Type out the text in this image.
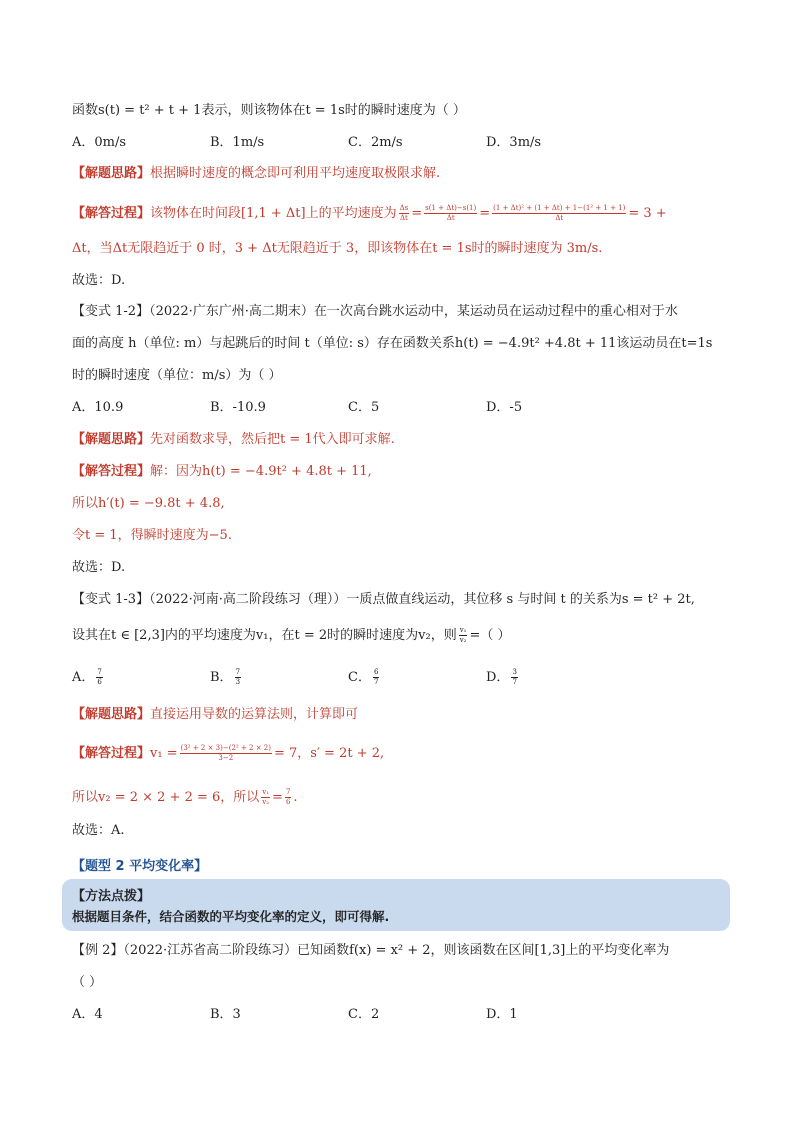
函数s(t) = t² + t + 1表示，则该物体在t = 1s时的瞬时速度为（ ）
A．0m/s	B．1m/s	C．2m/s	D．3m/s
【解题思路】根据瞬时速度的概念即可利用平均速度取极限求解.
【解答过程】该物体在时间段[1,1 + Δt]上的平均速度为 $\frac{\Delta s}{\Delta t} = \frac{s(1 + \Delta t)-s(1)}{\Delta t} = \frac{\text{(1 + Δt)² + (1 + Δt) + 1−(1² + 1 + 1)}}{\Delta t} = 3$ +
Δt，当Δt无限趋近于 0 时，3 + Δt无限趋近于 3，即该物体在t = 1s时的瞬时速度为 3m/s.
故选：D.
【变式 1-2】（2022·广东广州·高二期末）在一次高台跳水运动中，某运动员在运动过程中的重心相对于水
面的高度 h（单位: m）与起跳后的时间 t（单位: s）存在函数关系h(t) = −4.9t² +4.8t + 11该运动员在t=1s
时的瞬时速度（单位：m/s）为（ ）
A．10.9	B．-10.9	C．5	D．-5
【解题思路】先对函数求导，然后把t = 1代入即可求解.
【解答过程】解：因为h(t) = −4.9t² + 4.8t + 11,
所以h′(t) = −9.8t + 4.8,
令t = 1，得瞬时速度为−5.
故选：D.
【变式 1-3】（2022·河南·高二阶段练习（理））一质点做直线运动，其位移 s 与时间 t 的关系为s = t² + 2t,
设其在t ∈ [2,3]内的平均速度为v₁，在t = 2时的瞬时速度为v₂，则 $\frac{\text{v₁}}{\text{v₂}}$ =（ ）
A． $\frac{7}{6}$	B． $\frac{7}{3}$	C． $\frac{6}{7}$	D． $\frac{3}{7}$
【解题思路】直接运用导数的运算法则，计算即可
【解答过程】$v_1 = \frac{\text{(3² + 2 × 3)−(2² + 2 × 2)}}{3-2} = 7$，s′ = 2t + 2,
所以v₂ = 2 × 2 + 2 = 6，所以 $\frac{\text{v₁}}{\text{v₂}} = \frac{7}{6}$ .
故选：A.
【题型 2 平均变化率】
【方法点拨】
根据题目条件，结合函数的平均变化率的定义，即可得解.
【例 2】（2022·江苏省高二阶段练习）已知函数f(x) = x² + 2，则该函数在区间[1,3]上的平均变化率为
（ ）
A．4	B．3	C．2	D．1
